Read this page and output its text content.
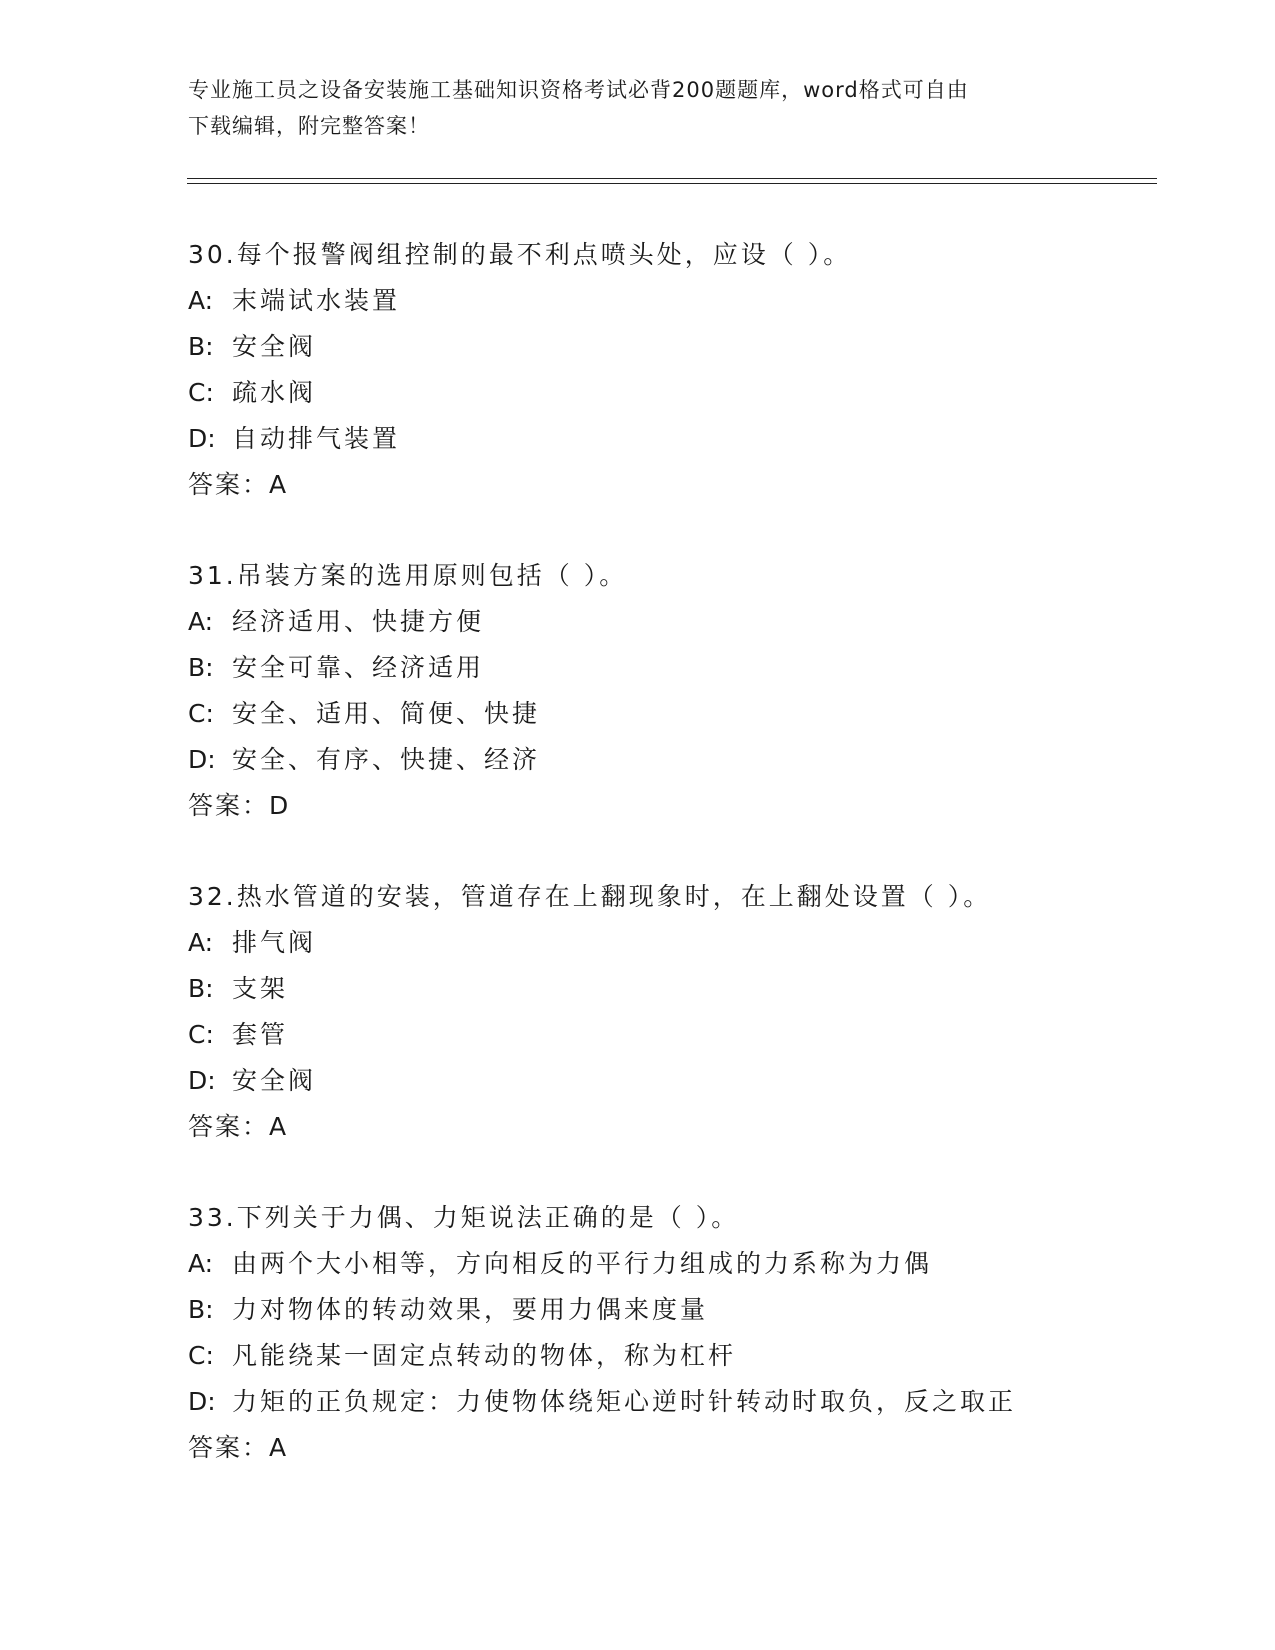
专业施工员之设备安装施工基础知识资格考试必背200题题库，word格式可自由
下载编辑，附完整答案！
30.每个报警阀组控制的最不利点喷头处，应设（ ）。
A: 末端试水装置
B: 安全阀
C: 疏水阀
D: 自动排气装置
答案：A
31.吊装方案的选用原则包括（ ）。
A: 经济适用、快捷方便
B: 安全可靠、经济适用
C: 安全、适用、简便、快捷
D: 安全、有序、快捷、经济
答案：D
32.热水管道的安装，管道存在上翻现象时，在上翻处设置（ ）。
A: 排气阀
B: 支架
C: 套管
D: 安全阀
答案：A
33.下列关于力偶、力矩说法正确的是（ ）。
A: 由两个大小相等，方向相反的平行力组成的力系称为力偶
B: 力对物体的转动效果，要用力偶来度量
C: 凡能绕某一固定点转动的物体，称为杠杆
D: 力矩的正负规定：力使物体绕矩心逆时针转动时取负，反之取正
答案：A
